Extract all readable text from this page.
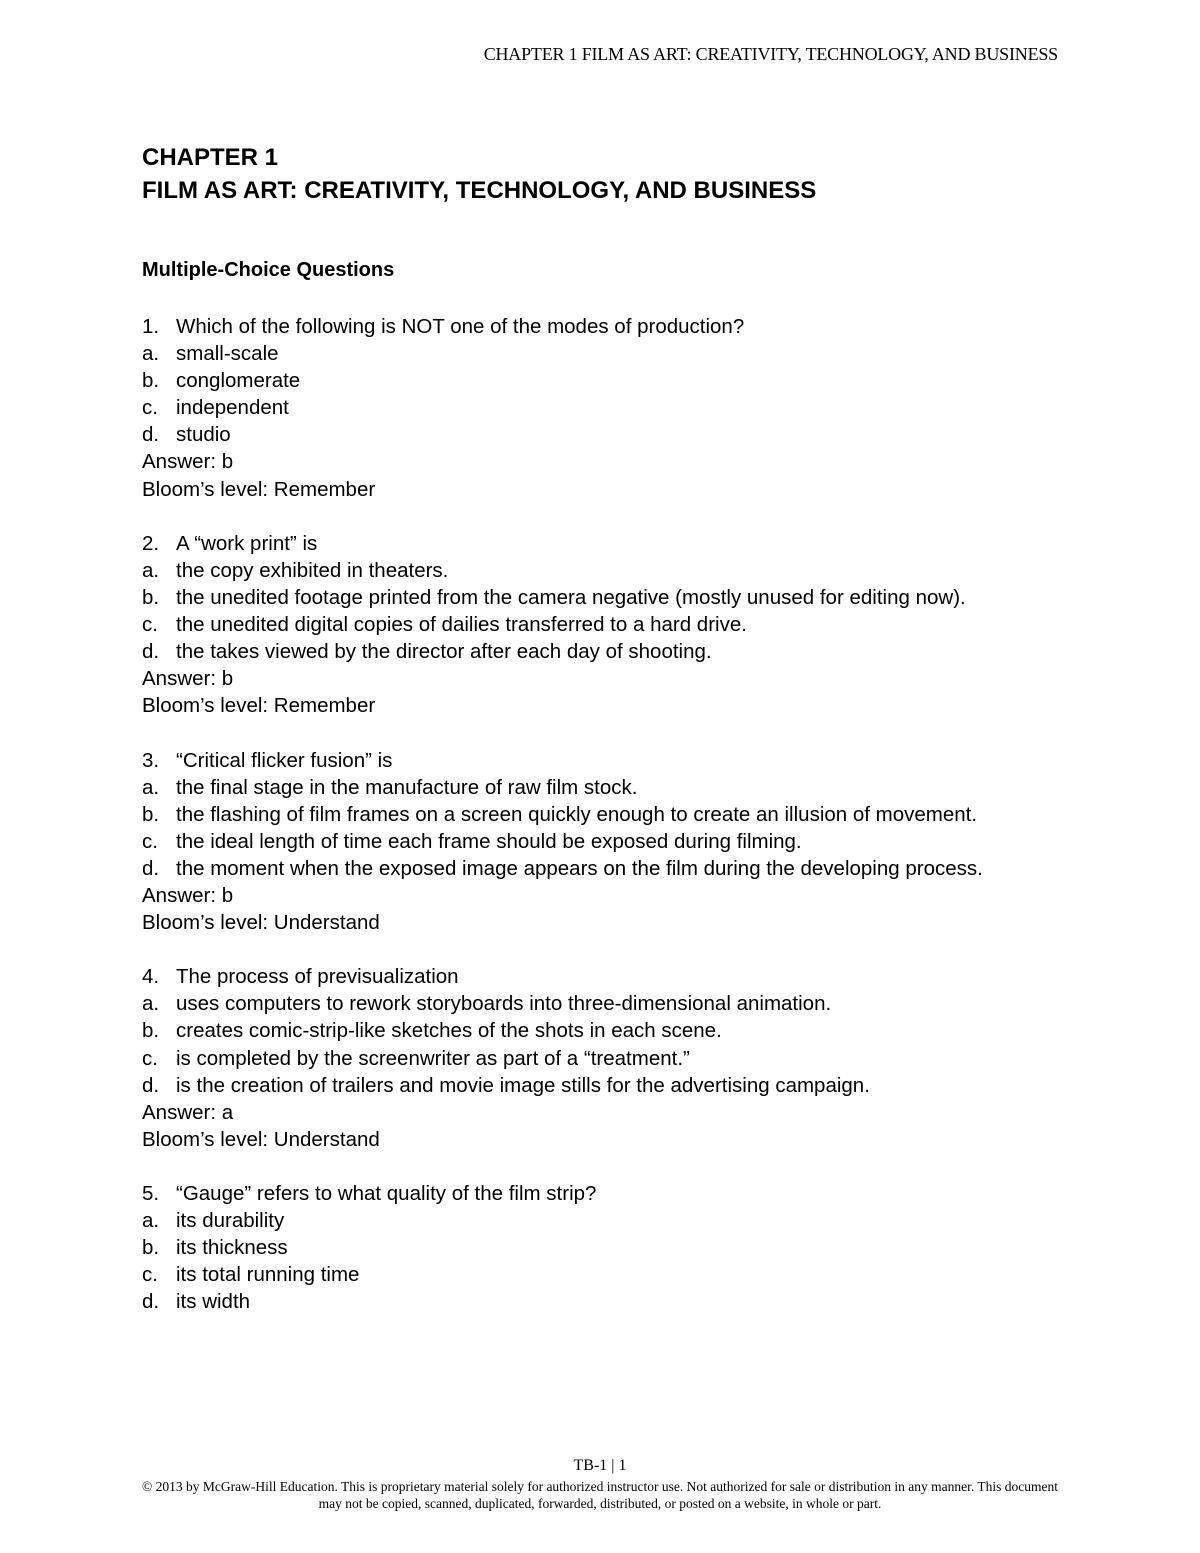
CHAPTER 1 FILM AS ART: CREATIVITY, TECHNOLOGY, AND BUSINESS
CHAPTER 1
FILM AS ART: CREATIVITY, TECHNOLOGY, AND BUSINESS
Multiple-Choice Questions
1. Which of the following is NOT one of the modes of production?
a. small-scale
b. conglomerate
c. independent
d. studio
Answer: b
Bloom’s level: Remember
2. A “work print” is
a. the copy exhibited in theaters.
b. the unedited footage printed from the camera negative (mostly unused for editing now).
c. the unedited digital copies of dailies transferred to a hard drive.
d. the takes viewed by the director after each day of shooting.
Answer: b
Bloom’s level: Remember
3. “Critical flicker fusion” is
a. the final stage in the manufacture of raw film stock.
b. the flashing of film frames on a screen quickly enough to create an illusion of movement.
c. the ideal length of time each frame should be exposed during filming.
d. the moment when the exposed image appears on the film during the developing process.
Answer: b
Bloom’s level: Understand
4. The process of previsualization
a. uses computers to rework storyboards into three-dimensional animation.
b. creates comic-strip-like sketches of the shots in each scene.
c. is completed by the screenwriter as part of a “treatment.”
d. is the creation of trailers and movie image stills for the advertising campaign.
Answer: a
Bloom’s level: Understand
5. “Gauge” refers to what quality of the film strip?
a. its durability
b. its thickness
c. its total running time
d. its width
TB-1 | 1
© 2013 by McGraw-Hill Education. This is proprietary material solely for authorized instructor use. Not authorized for sale or distribution in any manner. This document may not be copied, scanned, duplicated, forwarded, distributed, or posted on a website, in whole or part.
